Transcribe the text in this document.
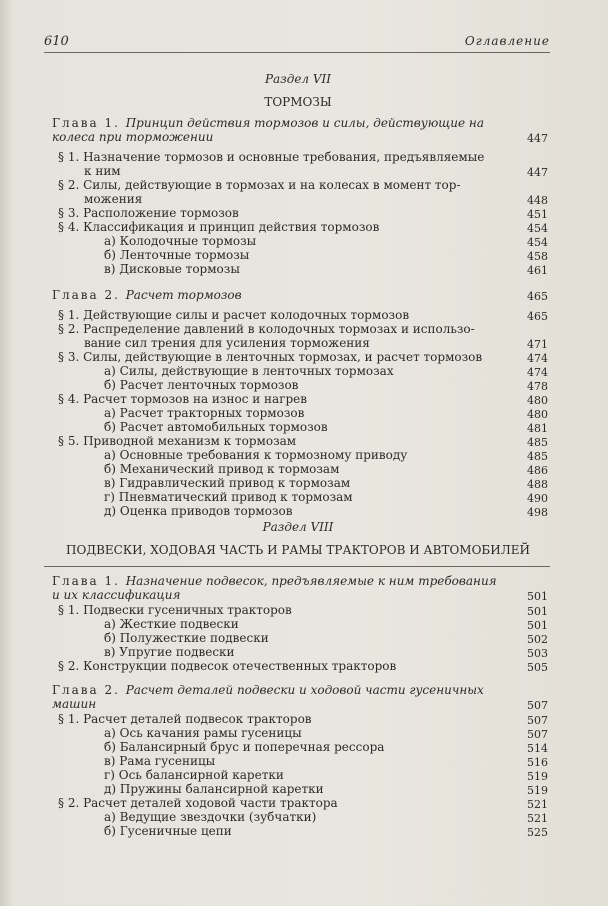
610	Оглавление
Раздел VII
ТОРМОЗЫ
Глава 1. Принцип действия тормозов и силы, действующие на
колеса при торможении	447
§ 1. Назначение тормозов и основные требования, предъявляемые
к ним	447
§ 2. Силы, действующие в тормозах и на колесах в момент тор-
можения	448
§ 3. Расположение тормозов	451
§ 4. Классификация и принцип действия тормозов	454
а) Колодочные тормозы	454
б) Ленточные тормозы	458
в) Дисковые тормозы	461
Глава 2. Расчет тормозов	465
§ 1. Действующие силы и расчет колодочных тормозов	465
§ 2. Распределение давлений в колодочных тормозах и использо-
вание сил трения для усиления торможения	471
§ 3. Силы, действующие в ленточных тормозах, и расчет тормозов	474
а) Силы, действующие в ленточных тормозах	474
б) Расчет ленточных тормозов	478
§ 4. Расчет тормозов на износ и нагрев	480
а) Расчет тракторных тормозов	480
б) Расчет автомобильных тормозов	481
§ 5. Приводной механизм к тормозам	485
а) Основные требования к тормозному приводу	485
б) Механический привод к тормозам	486
в) Гидравлический привод к тормозам	488
г) Пневматический привод к тормозам	490
д) Оценка приводов тормозов	498
Раздел VIII
ПОДВЕСКИ, ХОДОВАЯ ЧАСТЬ И РАМЫ ТРАКТОРОВ И АВТОМОБИЛЕЙ
Глава 1. Назначение подвесок, предъявляемые к ним требования
и их классификация	501
§ 1. Подвески гусеничных тракторов	501
а) Жесткие подвески	501
б) Полужесткие подвески	502
в) Упругие подвески	503
§ 2. Конструкции подвесок отечественных тракторов	505
Глава 2. Расчет деталей подвески и ходовой части гусеничных
машин	507
§ 1. Расчет деталей подвесок тракторов	507
а) Ось качания рамы гусеницы	507
б) Балансирный брус и поперечная рессора	514
в) Рама гусеницы	516
г) Ось балансирной каретки	519
д) Пружины балансирной каретки	519
§ 2. Расчет деталей ходовой части трактора	521
а) Ведущие звездочки (зубчатки)	521
б) Гусеничные цепи	525
